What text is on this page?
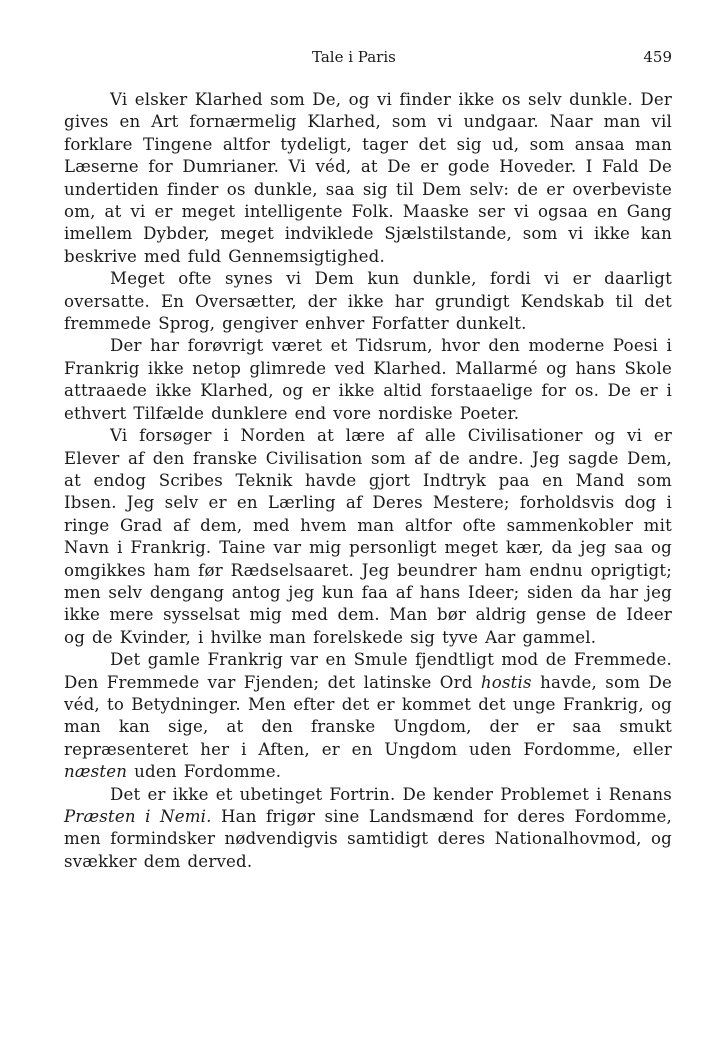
Tale i Paris	459

Vi elsker Klarhed som De, og vi finder ikke os selv dunkle. Der gives en Art fornærmelig Klarhed, som vi undgaar. Naar man vil forklare Tingene altfor tydeligt, tager det sig ud, som ansaa man Læserne for Dumrianer. Vi véd, at De er gode Hoveder. I Fald De undertiden finder os dunkle, saa sig til Dem selv: de er overbeviste om, at vi er meget intelligente Folk. Maaske ser vi ogsaa en Gang imellem Dybder, meget indviklede Sjælstilstande, som vi ikke kan beskrive med fuld Gennemsigtighed.

Meget ofte synes vi Dem kun dunkle, fordi vi er daarligt oversatte. En Oversætter, der ikke har grundigt Kendskab til det fremmede Sprog, gengiver enhver Forfatter dunkelt.

Der har forøvrigt været et Tidsrum, hvor den moderne Poesi i Frankrig ikke netop glimrede ved Klarhed. Mallarmé og hans Skole attraaede ikke Klarhed, og er ikke altid forstaaelige for os. De er i ethvert Tilfælde dunklere end vore nordiske Poeter.

Vi forsøger i Norden at lære af alle Civilisationer og vi er Elever af den franske Civilisation som af de andre. Jeg sagde Dem, at endog Scribes Teknik havde gjort Indtryk paa en Mand som Ibsen. Jeg selv er en Lærling af Deres Mestere; forholdsvis dog i ringe Grad af dem, med hvem man altfor ofte sammenkobler mit Navn i Frankrig. Taine var mig personligt meget kær, da jeg saa og omgikkes ham før Rædselsaaret. Jeg beundrer ham endnu oprigtigt; men selv dengang antog jeg kun faa af hans Ideer; siden da har jeg ikke mere sysselsat mig med dem. Man bør aldrig gense de Ideer og de Kvinder, i hvilke man forelskede sig tyve Aar gammel.

Det gamle Frankrig var en Smule fjendtligt mod de Fremmede. Den Fremmede var Fjenden; det latinske Ord hostis havde, som De véd, to Betydninger. Men efter det er kommet det unge Frankrig, og man kan sige, at den franske Ungdom, der er saa smukt repræsenteret her i Aften, er en Ungdom uden Fordomme, eller næsten uden Fordomme.

Det er ikke et ubetinget Fortrin. De kender Problemet i Renans Præsten i Nemi. Han frigør sine Landsmænd for deres Fordomme, men formindsker nødvendigvis samtidigt deres Nationalhovmod, og svækker dem derved.
